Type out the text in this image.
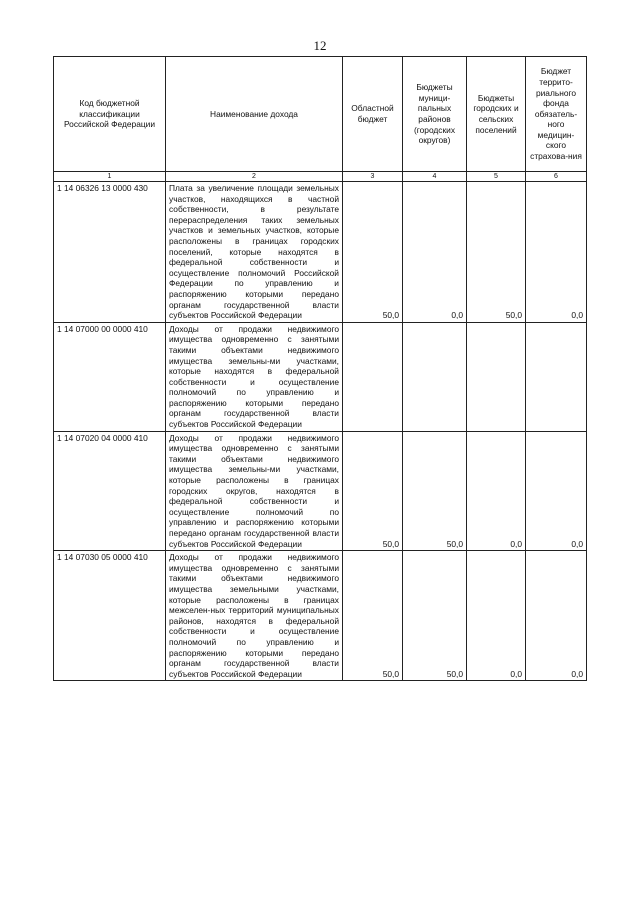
12
Код бюджетной классификации Российской Федерации	Наименование дохода	Областной бюджет	Бюджеты муници-пальных районов (городских округов)	Бюджеты городских и сельских поселений	Бюджет террито-риального фонда обязатель-ного медицин-ского страхова-ния
1	2	3	4	5	6
1 14 06326 13 0000 430	Плата за увеличение площади земельных участков, находящихся в частной собственности, в результате перераспределения таких земельных участков и земельных участков, которые расположены в границах городских поселений, которые находятся в федеральной собственности и осуществление полномочий Российской Федерации по управлению и распоряжению которыми передано органам государственной власти субъектов Российской Федерации	50,0	0,0	50,0	0,0
1 14 07000 00 0000 410	Доходы от продажи недвижимого имущества одновременно с занятыми такими объектами недвижимого имущества земельны-ми участками, которые находятся в федеральной собственности и осуществление полномочий по управлению и распоряжению которыми передано органам государственной власти субъектов Российской Федерации				
1 14 07020 04 0000 410	Доходы от продажи недвижимого имущества одновременно с занятыми такими объектами недвижимого имущества земельны-ми участками, которые расположены в границах городских округов, находятся в федеральной собственности и осуществление полномочий по управлению и распоряжению которыми передано органам государственной власти субъектов Российской Федерации	50,0	50,0	0,0	0,0
1 14 07030 05 0000 410	Доходы от продажи недвижимого имущества одновременно с занятыми такими объектами недвижимого имущества земельными участками, которые расположены в границах межселен-ных территорий муниципальных районов, находятся в федеральной собственности и осуществление полномочий по управлению и распоряжению которыми передано органам государственной власти субъектов Российской Федерации	50,0	50,0	0,0	0,0
